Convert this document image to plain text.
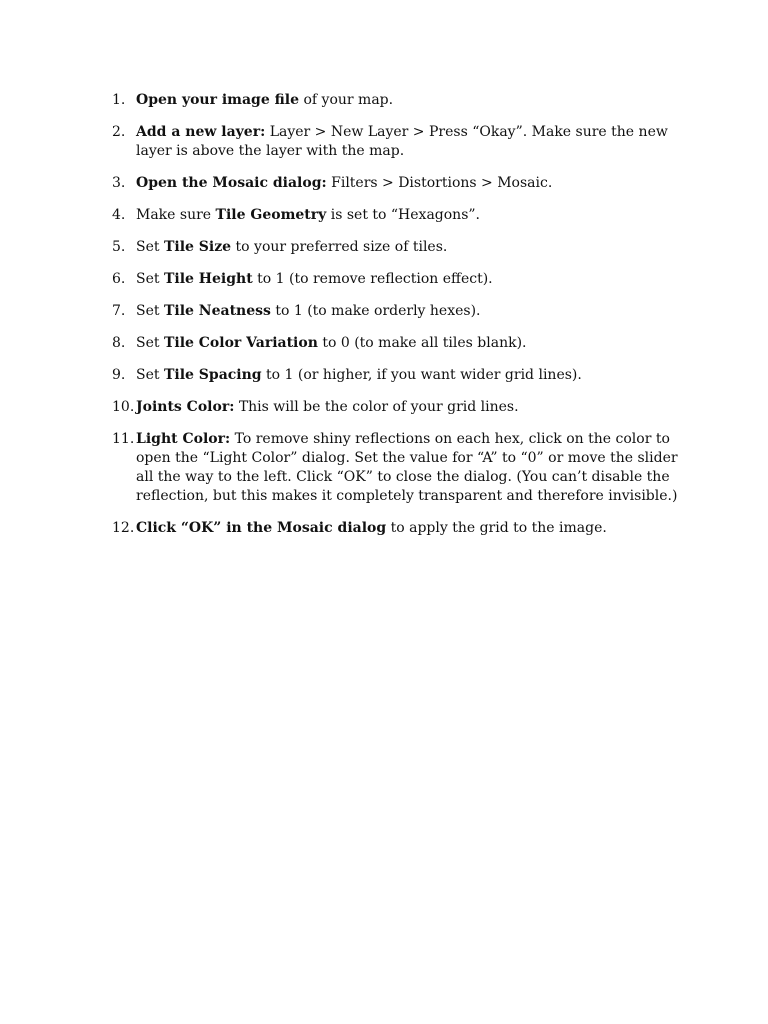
1. Open your image file of your map.
2. Add a new layer: Layer > New Layer > Press “Okay”. Make sure the new layer is above the layer with the map.
3. Open the Mosaic dialog: Filters > Distortions > Mosaic.
4. Make sure Tile Geometry is set to “Hexagons”.
5. Set Tile Size to your preferred size of tiles.
6. Set Tile Height to 1 (to remove reflection effect).
7. Set Tile Neatness to 1 (to make orderly hexes).
8. Set Tile Color Variation to 0 (to make all tiles blank).
9. Set Tile Spacing to 1 (or higher, if you want wider grid lines).
10. Joints Color: This will be the color of your grid lines.
11. Light Color: To remove shiny reflections on each hex, click on the color to open the “Light Color” dialog. Set the value for “A” to “0” or move the slider all the way to the left. Click “OK” to close the dialog. (You can’t disable the reflection, but this makes it completely transparent and therefore invisible.)
12. Click “OK” in the Mosaic dialog to apply the grid to the image.
